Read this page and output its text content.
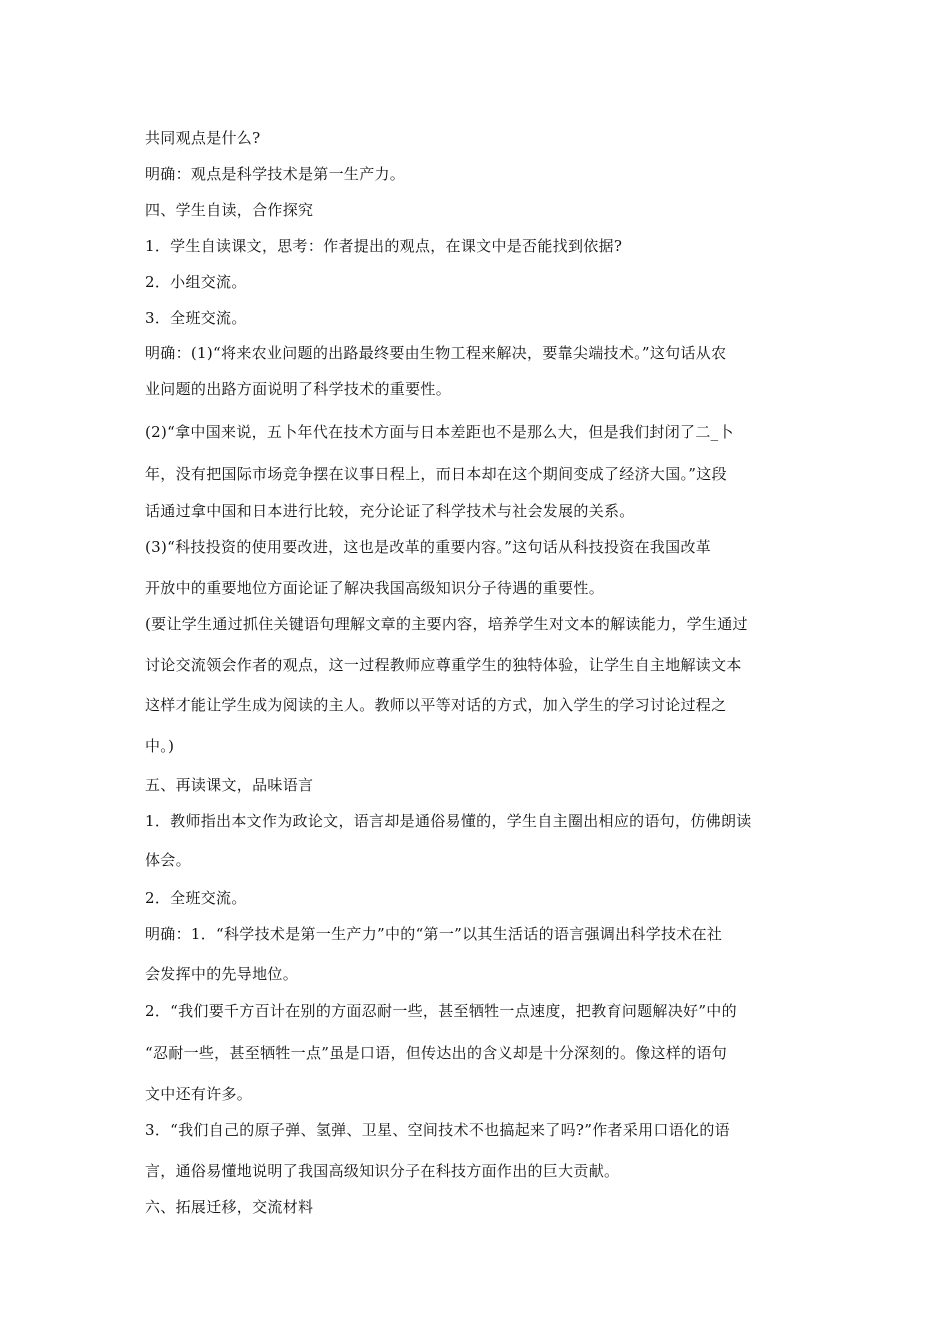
共同观点是什么?
明确：观点是科学技术是第一生产力。
四、学生自读，合作探究
1．学生自读课文，思考：作者提出的观点，在课文中是否能找到依据?
2．小组交流。
3．全班交流。
明确：(1)“将来农业问题的出路最终要由生物工程来解决，要靠尖端技术。”这句话从农
业问题的出路方面说明了科学技术的重要性。
(2)“拿中国来说，五卜年代在技术方面与日本差距也不是那么大，但是我们封闭了二_卜
年，没有把国际市场竞争摆在议事日程上，而日本却在这个期间变成了经济大国。”这段
话通过拿中国和日本进行比较，充分论证了科学技术与社会发展的关系。
(3)“科技投资的使用要改进，这也是改革的重要内容。”这句话从科技投资在我国改革
开放中的重要地位方面论证了解决我国高级知识分子待遇的重要性。
(要让学生通过抓住关键语句理解文章的主要内容，培养学生对文本的解读能力，学生通过
讨论交流领会作者的观点，这一过程教师应尊重学生的独特体验，让学生自主地解读文本
这样才能让学生成为阅读的主人。教师以平等对话的方式，加入学生的学习讨论过程之
中。)
五、再读课文，品味语言
1．教师指出本文作为政论文，语言却是通俗易懂的，学生自主圈出相应的语句，仿佛朗读
体会。
2．全班交流。
明确：1．“科学技术是第一生产力”中的“第一”以其生活话的语言强调出科学技术在社
会发挥中的先导地位。
2．“我们要千方百计在别的方面忍耐一些，甚至牺牲一点速度，把教育问题解决好”中的
“忍耐一些，甚至牺牲一点”虽是口语，但传达出的含义却是十分深刻的。像这样的语句
文中还有许多。
3．“我们自己的原子弹、氢弹、卫星、空间技术不也搞起来了吗?”作者采用口语化的语
言，通俗易懂地说明了我国高级知识分子在科技方面作出的巨大贡献。
六、拓展迁移，交流材料
